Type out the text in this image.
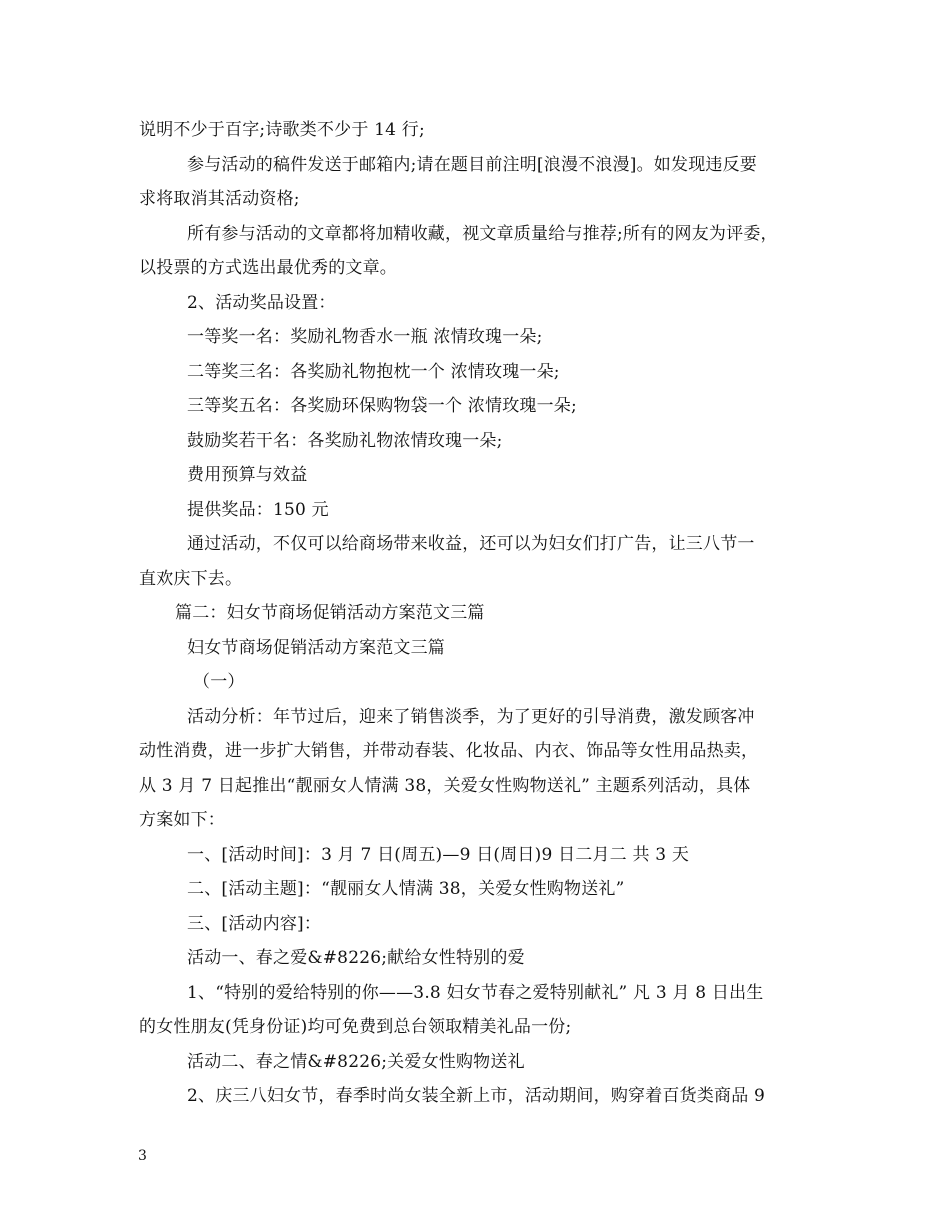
说明不少于百字;诗歌类不少于 14 行;
参与活动的稿件发送于邮箱内;请在题目前注明[浪漫不浪漫]。如发现违反要
求将取消其活动资格;
所有参与活动的文章都将加精收藏，视文章质量给与推荐;所有的网友为评委，
以投票的方式选出最优秀的文章。
2、活动奖品设置：
一等奖一名：奖励礼物香水一瓶 浓情玫瑰一朵;
二等奖三名：各奖励礼物抱枕一个 浓情玫瑰一朵;
三等奖五名：各奖励环保购物袋一个 浓情玫瑰一朵;
鼓励奖若干名：各奖励礼物浓情玫瑰一朵;
费用预算与效益
提供奖品：150 元
通过活动，不仅可以给商场带来收益，还可以为妇女们打广告，让三八节一
直欢庆下去。
篇二：妇女节商场促销活动方案范文三篇
妇女节商场促销活动方案范文三篇
（一）
活动分析：年节过后，迎来了销售淡季，为了更好的引导消费，激发顾客冲
动性消费，进一步扩大销售，并带动春装、化妆品、内衣、饰品等女性用品热卖，
从 3 月 7 日起推出“靓丽女人情满 38，关爱女性购物送礼” 主题系列活动，具体
方案如下：
一、[活动时间]：3 月 7 日(周五)—9 日(周日)9 日二月二 共 3 天
二、[活动主题]：“靓丽女人情满 38，关爱女性购物送礼”
三、[活动内容]：
活动一、春之爱&#8226;献给女性特别的爱
1、“特别的爱给特别的你——3.8 妇女节春之爱特别献礼” 凡 3 月 8 日出生
的女性朋友(凭身份证)均可免费到总台领取精美礼品一份;
活动二、春之情&#8226;关爱女性购物送礼
2、庆三八妇女节，春季时尚女装全新上市，活动期间，购穿着百货类商品 9
3
